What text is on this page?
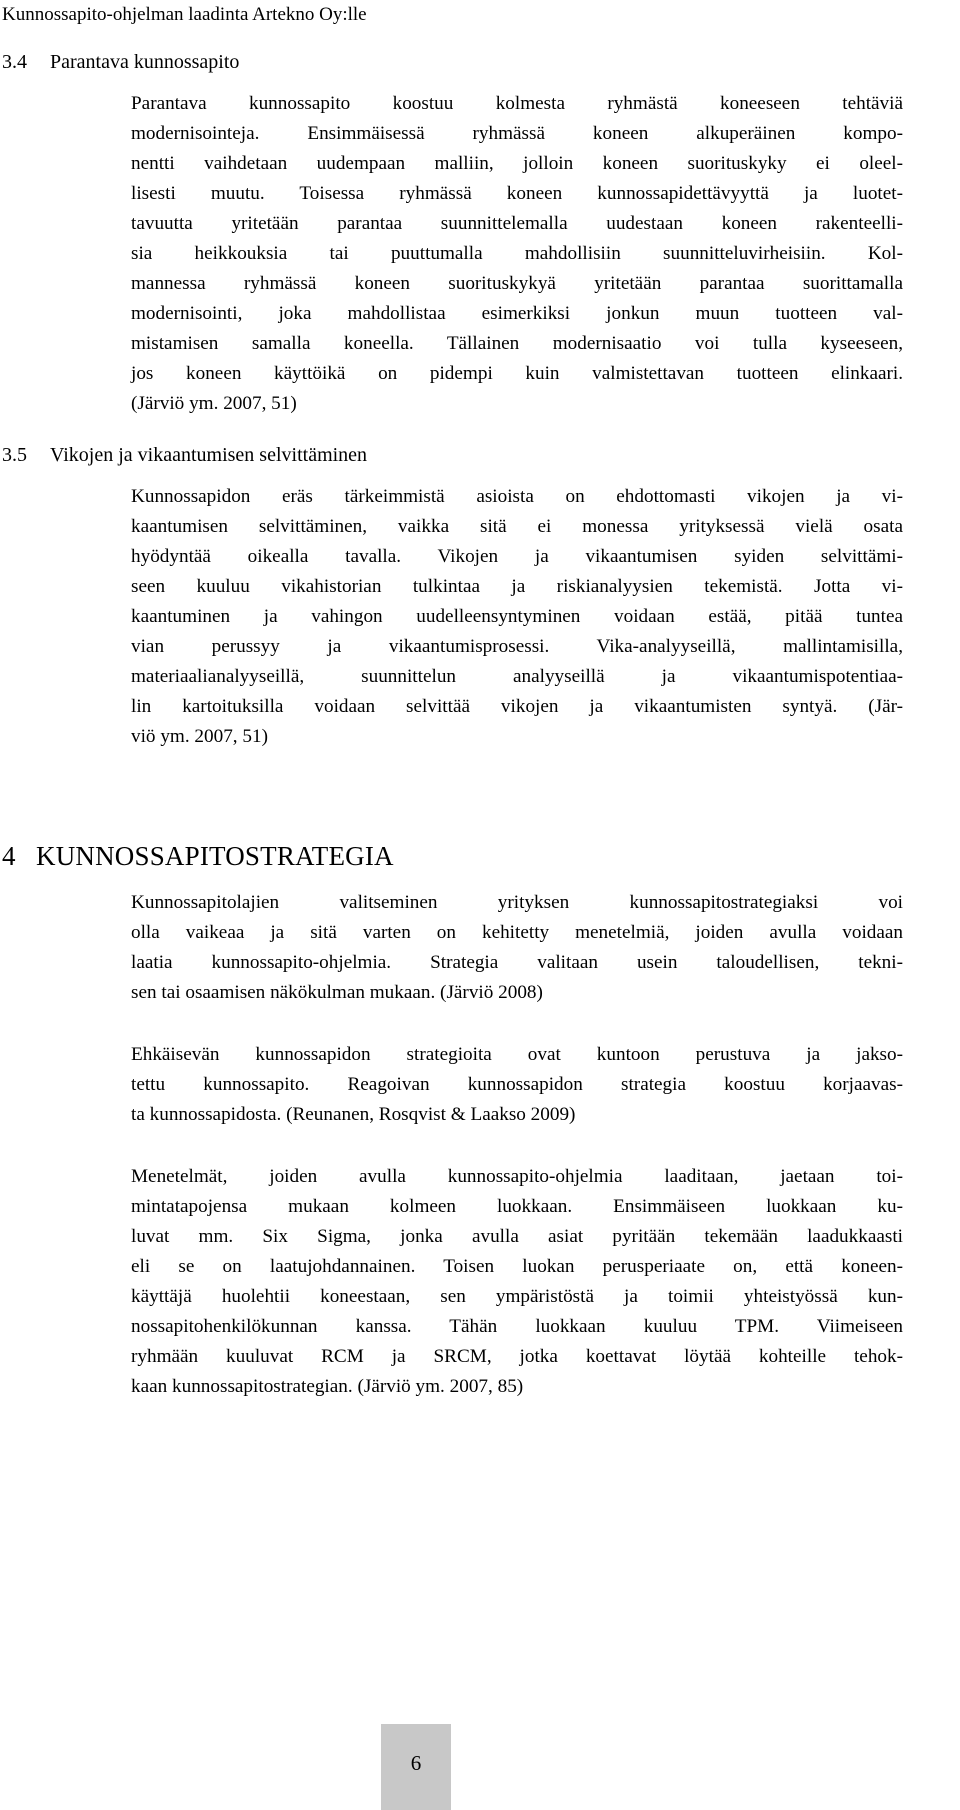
Kunnossapito-ohjelman laadinta Artekno Oy:lle
3.4 Parantava kunnossapito
Parantava kunnossapito koostuu kolmesta ryhmästä koneeseen tehtäviä
modernisointeja. Ensimmäisessä ryhmässä koneen alkuperäinen kompo-
nentti vaihdetaan uudempaan malliin, jolloin koneen suorituskyky ei oleel-
lisesti muutu. Toisessa ryhmässä koneen kunnossapidettävyyttä ja luotet-
tavuutta yritetään parantaa suunnittelemalla uudestaan koneen rakenteelli-
sia heikkouksia tai puuttumalla mahdollisiin suunnitteluvirheisiin. Kol-
mannessa ryhmässä koneen suorituskykyä yritetään parantaa suorittamalla
modernisointi, joka mahdollistaa esimerkiksi jonkun muun tuotteen val-
mistamisen samalla koneella. Tällainen modernisaatio voi tulla kyseeseen,
jos koneen käyttöikä on pidempi kuin valmistettavan tuotteen elinkaari.
(Järviö ym. 2007, 51)
3.5 Vikojen ja vikaantumisen selvittäminen
Kunnossapidon eräs tärkeimmistä asioista on ehdottomasti vikojen ja vi-
kaantumisen selvittäminen, vaikka sitä ei monessa yrityksessä vielä osata
hyödyntää oikealla tavalla. Vikojen ja vikaantumisen syiden selvittämi-
seen kuuluu vikahistorian tulkintaa ja riskianalyysien tekemistä. Jotta vi-
kaantuminen ja vahingon uudelleensyntyminen voidaan estää, pitää tuntea
vian perussyy ja vikaantumisprosessi. Vika-analyyseillä, mallintamisilla,
materiaalianalyyseillä, suunnittelun analyyseillä ja vikaantumispotentiaa-
lin kartoituksilla voidaan selvittää vikojen ja vikaantumisten syntyä. (Jär-
viö ym. 2007, 51)
4 KUNNOSSAPITOSTRATEGIA
Kunnossapitolajien valitseminen yrityksen kunnossapitostrategiaksi voi
olla vaikeaa ja sitä varten on kehitetty menetelmiä, joiden avulla voidaan
laatia kunnossapito-ohjelmia. Strategia valitaan usein taloudellisen, tekni-
sen tai osaamisen näkökulman mukaan. (Järviö 2008)
Ehkäisevän kunnossapidon strategioita ovat kuntoon perustuva ja jakso-
tettu kunnossapito. Reagoivan kunnossapidon strategia koostuu korjaavas-
ta kunnossapidosta. (Reunanen, Rosqvist & Laakso 2009)
Menetelmät, joiden avulla kunnossapito-ohjelmia laaditaan, jaetaan toi-
mintatapojensa mukaan kolmeen luokkaan. Ensimmäiseen luokkaan ku-
luvat mm. Six Sigma, jonka avulla asiat pyritään tekemään laadukkaasti
eli se on laatujohdannainen. Toisen luokan perusperiaate on, että koneen-
käyttäjä huolehtii koneestaan, sen ympäristöstä ja toimii yhteistyössä kun-
nossapitohenkilökunnan kanssa. Tähän luokkaan kuuluu TPM. Viimeiseen
ryhmään kuuluvat RCM ja SRCM, jotka koettavat löytää kohteille tehok-
kaan kunnossapitostrategian. (Järviö ym. 2007, 85)
6
